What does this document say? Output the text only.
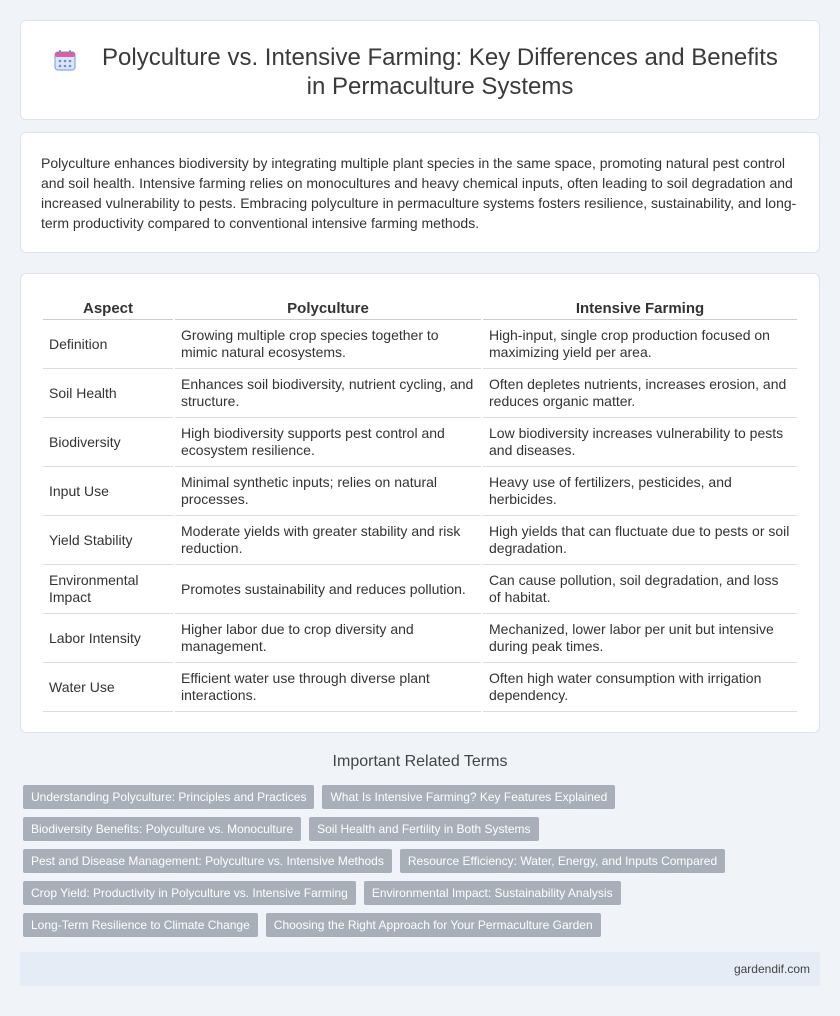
Polyculture vs. Intensive Farming: Key Differences and Benefits in Permaculture Systems

Polyculture enhances biodiversity by integrating multiple plant species in the same space, promoting natural pest control and soil health. Intensive farming relies on monocultures and heavy chemical inputs, often leading to soil degradation and increased vulnerability to pests. Embracing polyculture in permaculture systems fosters resilience, sustainability, and long-term productivity compared to conventional intensive farming methods.

Aspect	Polyculture	Intensive Farming
Definition	Growing multiple crop species together to mimic natural ecosystems.	High-input, single crop production focused on maximizing yield per area.
Soil Health	Enhances soil biodiversity, nutrient cycling, and structure.	Often depletes nutrients, increases erosion, and reduces organic matter.
Biodiversity	High biodiversity supports pest control and ecosystem resilience.	Low biodiversity increases vulnerability to pests and diseases.
Input Use	Minimal synthetic inputs; relies on natural processes.	Heavy use of fertilizers, pesticides, and herbicides.
Yield Stability	Moderate yields with greater stability and risk reduction.	High yields that can fluctuate due to pests or soil degradation.
Environmental Impact	Promotes sustainability and reduces pollution.	Can cause pollution, soil degradation, and loss of habitat.
Labor Intensity	Higher labor due to crop diversity and management.	Mechanized, lower labor per unit but intensive during peak times.
Water Use	Efficient water use through diverse plant interactions.	Often high water consumption with irrigation dependency.
Important Related Terms
Understanding Polyculture: Principles and Practices	What Is Intensive Farming? Key Features Explained
Biodiversity Benefits: Polyculture vs. Monoculture	Soil Health and Fertility in Both Systems
Pest and Disease Management: Polyculture vs. Intensive Methods	Resource Efficiency: Water, Energy, and Inputs Compared
Crop Yield: Productivity in Polyculture vs. Intensive Farming	Environmental Impact: Sustainability Analysis
Long-Term Resilience to Climate Change	Choosing the Right Approach for Your Permaculture Garden
gardendif.com
